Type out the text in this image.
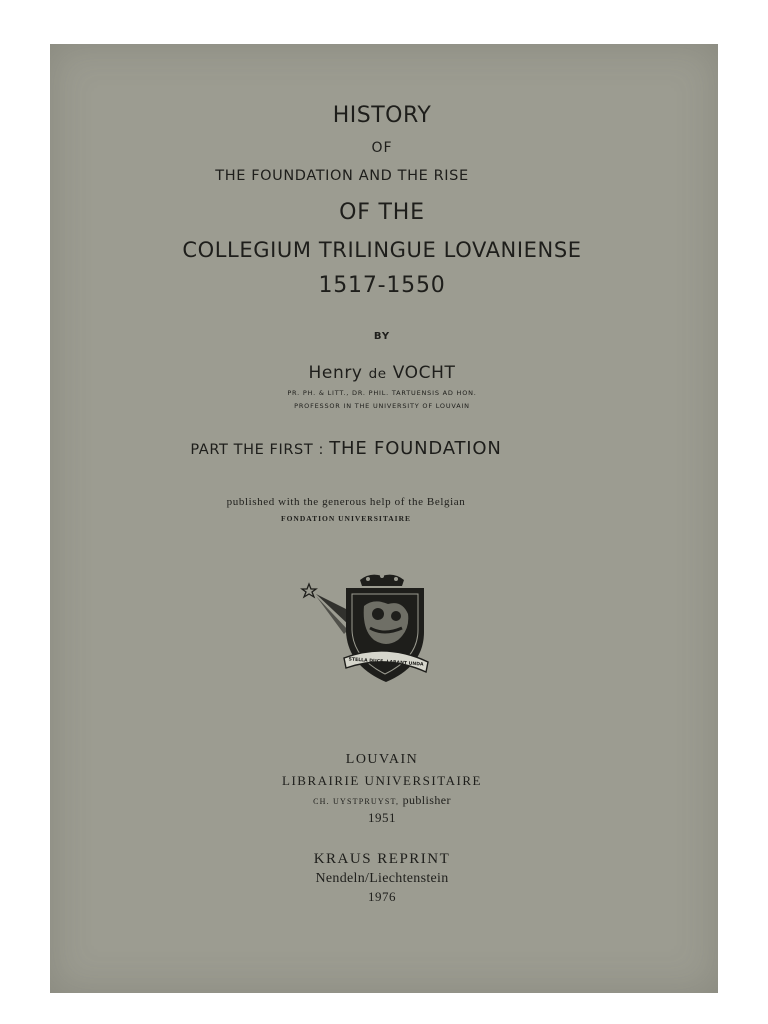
HISTORY
OF
THE FOUNDATION AND THE RISE
OF THE
COLLEGIUM TRILINGUE LOVANIENSE
1517-1550
BY
Henry de VOCHT
PR. PH. & LITT., DR. PHIL. TARTUENSIS AD HON.
PROFESSOR IN THE UNIVERSITY OF LOUVAIN
PART THE FIRST : THE FOUNDATION
published with the generous help of the Belgian
FONDATION UNIVERSITAIRE
STELLA DUCE, LABANT UNDA
LOUVAIN
LIBRAIRIE UNIVERSITAIRE
CH. UYSTPRUYST, publisher
1951
KRAUS REPRINT
Nendeln/Liechtenstein
1976
